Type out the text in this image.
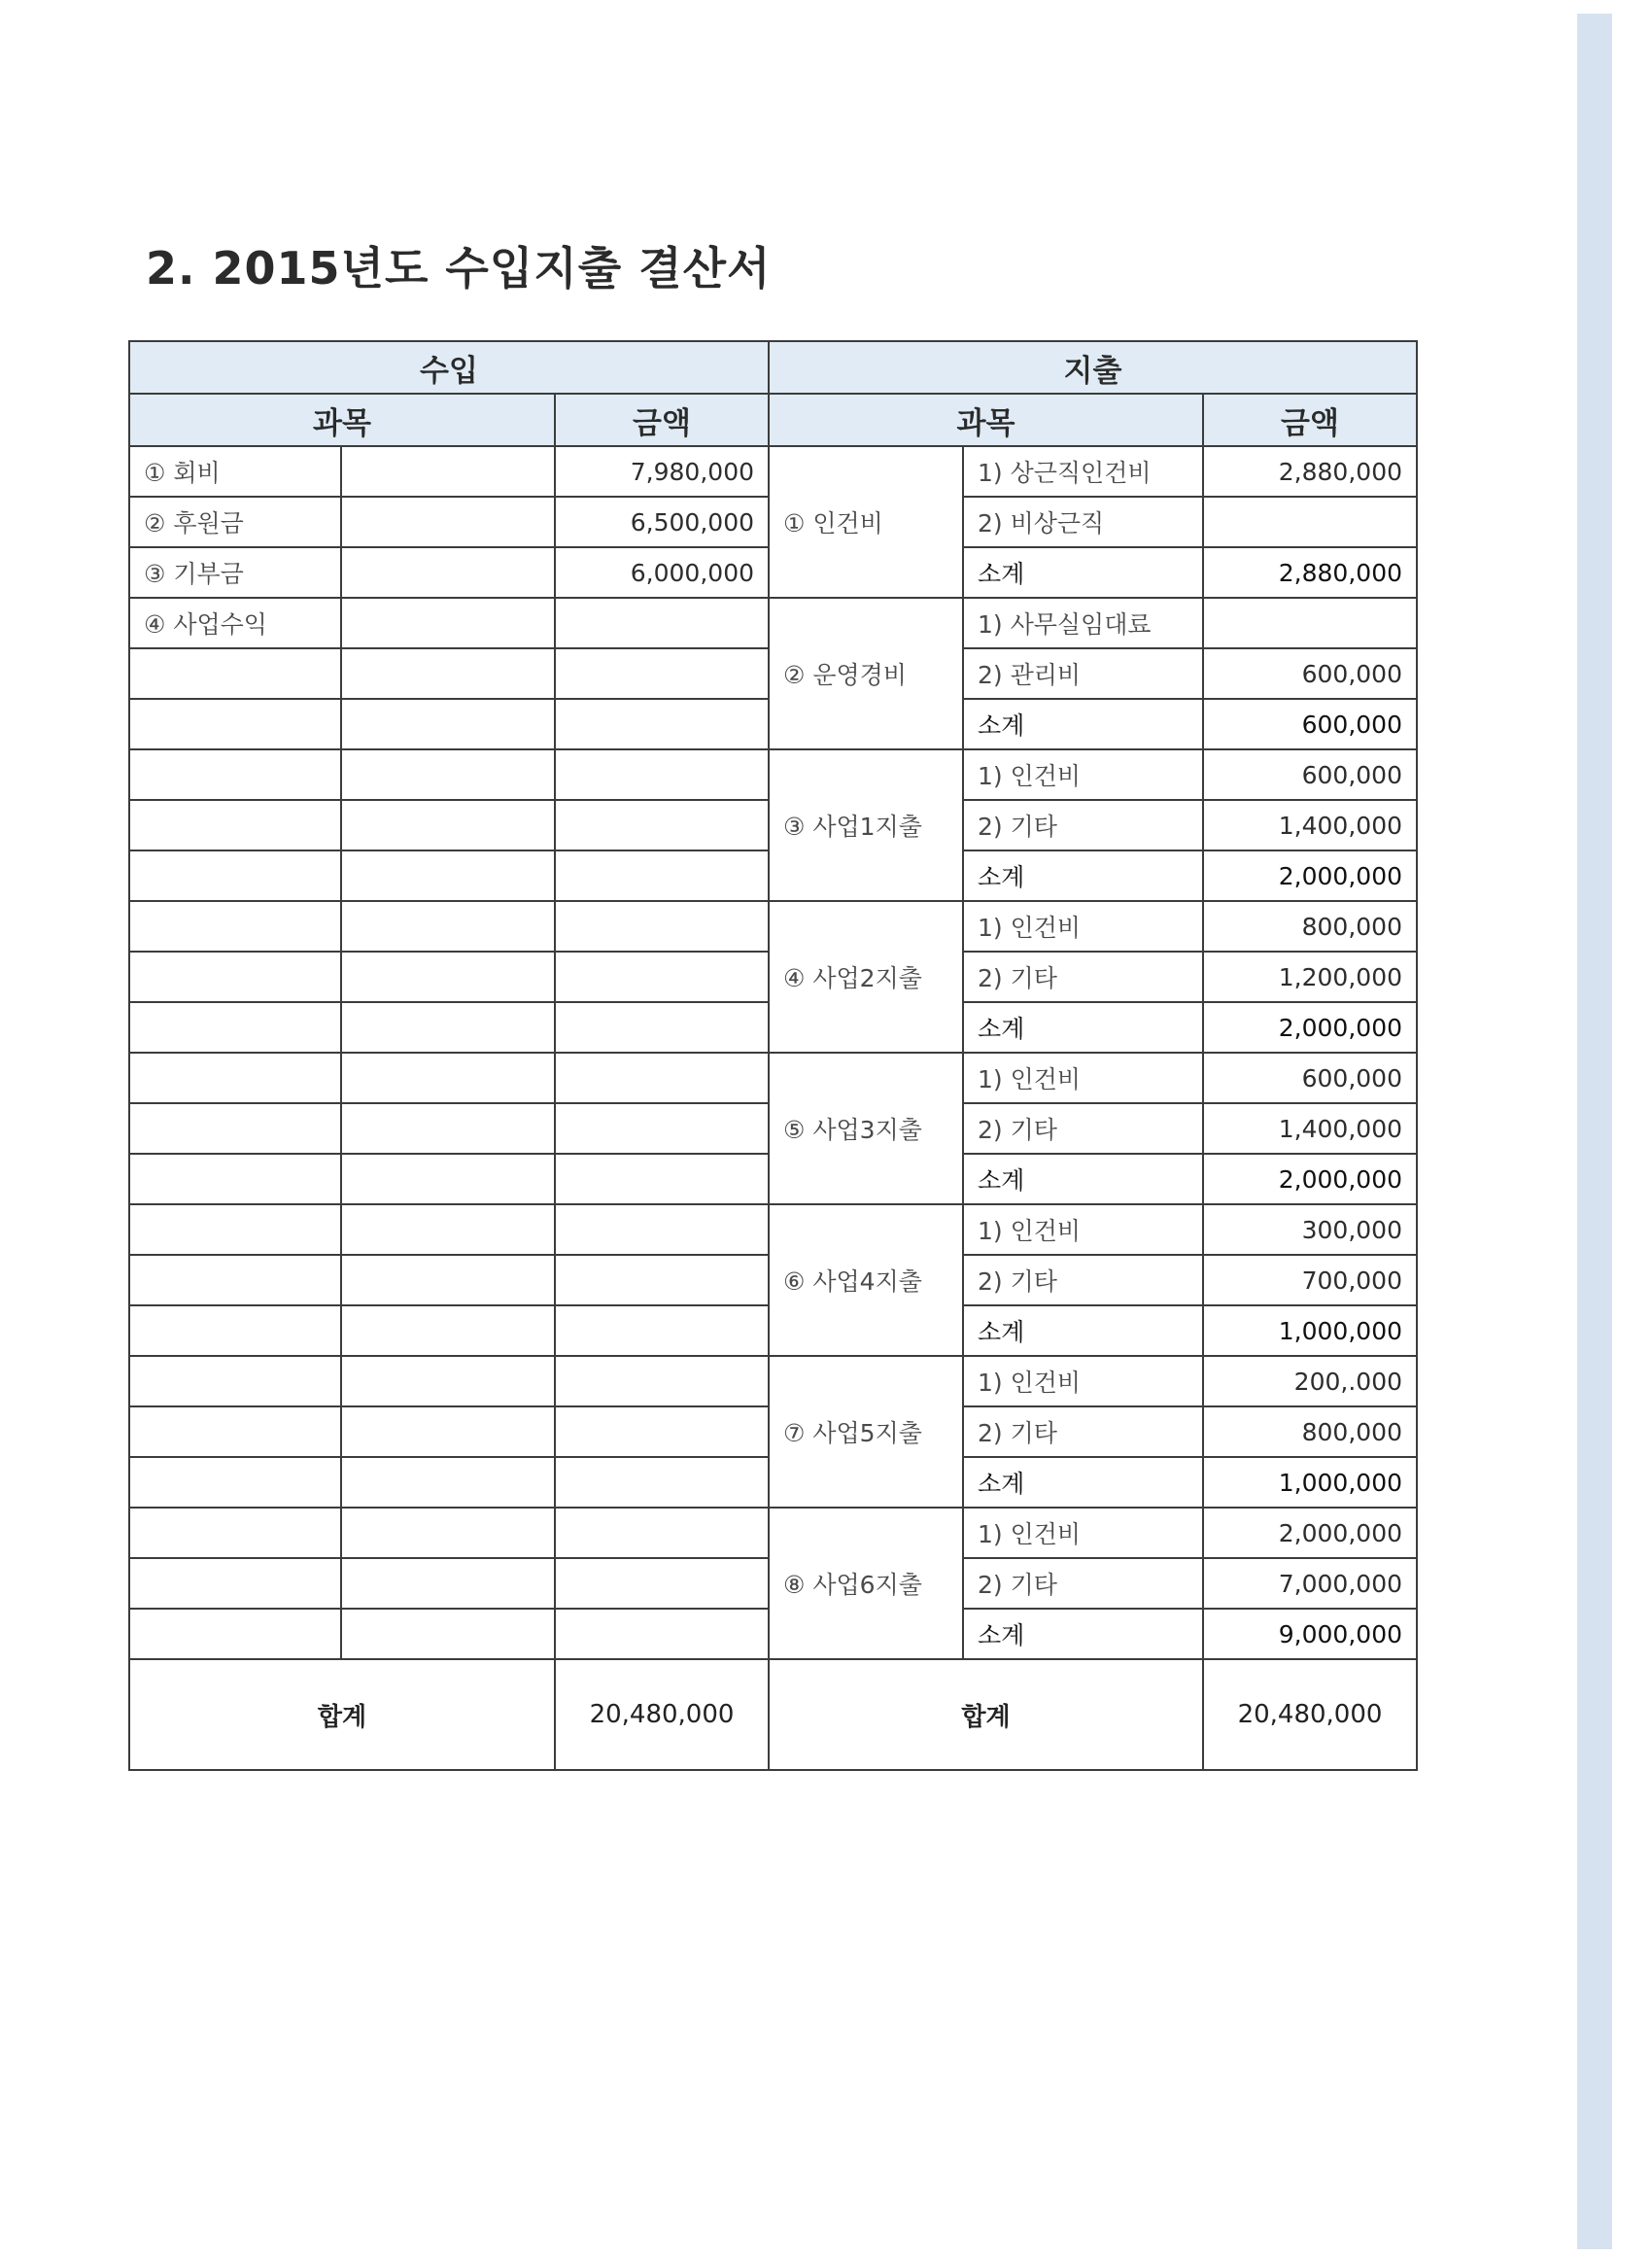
2. 2015년도 수입지출 결산서
수입			지출		
과목		금액	과목		금액
① 회비		7,980,000	① 인건비	1) 상근직인건비	2,880,000
② 후원금		6,500,000		2) 비상근직	
③ 기부금		6,000,000		소계	2,880,000
④ 사업수익			② 운영경비	1) 사무실임대료	
				2) 관리비	600,000
				소계	600,000
			③ 사업1지출	1) 인건비	600,000
				2) 기타	1,400,000
				소계	2,000,000
			④ 사업2지출	1) 인건비	800,000
				2) 기타	1,200,000
				소계	2,000,000
			⑤ 사업3지출	1) 인건비	600,000
				2) 기타	1,400,000
				소계	2,000,000
			⑥ 사업4지출	1) 인건비	300,000
				2) 기타	700,000
				소계	1,000,000
			⑦ 사업5지출	1) 인건비	200,.000
				2) 기타	800,000
				소계	1,000,000
			⑧ 사업6지출	1) 인건비	2,000,000
				2) 기타	7,000,000
				소계	9,000,000
합계		20,480,000	합계		20,480,000
